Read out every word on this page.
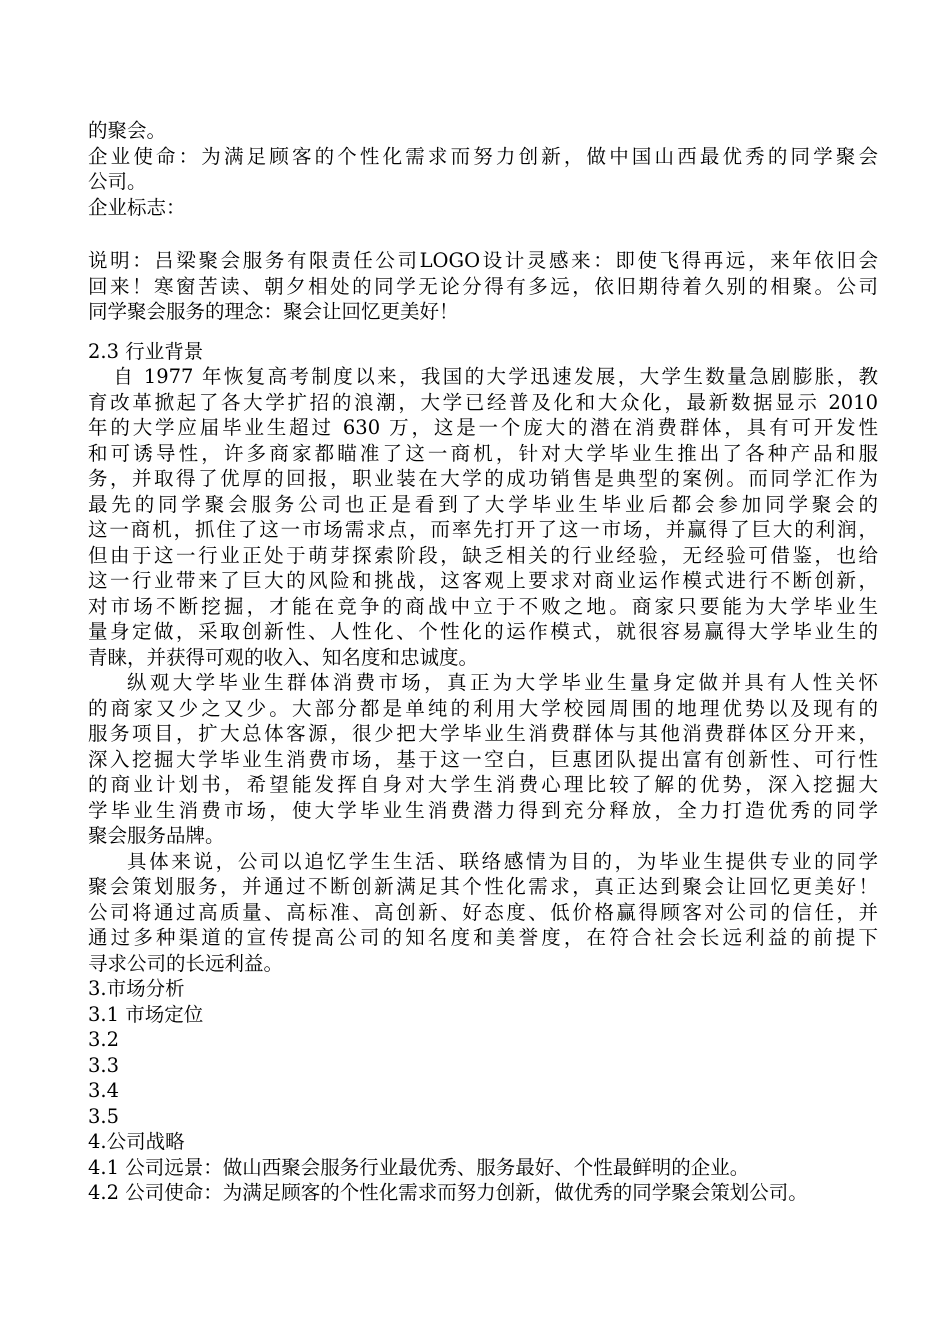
的聚会。

企业使命：为满足顾客的个性化需求而努力创新，做中国山西最优秀的同学聚会

公司。

企业标志：

说明：吕梁聚会服务有限责任公司LOGO设计灵感来：即使飞得再远，来年依旧会

回来！寒窗苦读、朝夕相处的同学无论分得有多远，依旧期待着久别的相聚。公司

同学聚会服务的理念：聚会让回忆更美好！

2.3 行业背景

自 1977 年恢复高考制度以来，我国的大学迅速发展，大学生数量急剧膨胀，教

育改革掀起了各大学扩招的浪潮，大学已经普及化和大众化，最新数据显示 2010

年的大学应届毕业生超过 630 万，这是一个庞大的潜在消费群体，具有可开发性

和可诱导性，许多商家都瞄准了这一商机，针对大学毕业生推出了各种产品和服

务，并取得了优厚的回报，职业装在大学的成功销售是典型的案例。而同学汇作为

最先的同学聚会服务公司也正是看到了大学毕业生毕业后都会参加同学聚会的

这一商机，抓住了这一市场需求点，而率先打开了这一市场，并赢得了巨大的利润，

但由于这一行业正处于萌芽探索阶段，缺乏相关的行业经验，无经验可借鉴，也给

这一行业带来了巨大的风险和挑战，这客观上要求对商业运作模式进行不断创新，

对市场不断挖掘，才能在竞争的商战中立于不败之地。商家只要能为大学毕业生

量身定做，采取创新性、人性化、个性化的运作模式，就很容易赢得大学毕业生的

青睐，并获得可观的收入、知名度和忠诚度。

纵观大学毕业生群体消费市场，真正为大学毕业生量身定做并具有人性关怀

的商家又少之又少。大部分都是单纯的利用大学校园周围的地理优势以及现有的

服务项目，扩大总体客源，很少把大学毕业生消费群体与其他消费群体区分开来，

深入挖掘大学毕业生消费市场，基于这一空白，巨惠团队提出富有创新性、可行性

的商业计划书，希望能发挥自身对大学生消费心理比较了解的优势，深入挖掘大

学毕业生消费市场，使大学毕业生消费潜力得到充分释放，全力打造优秀的同学

聚会服务品牌。

具体来说，公司以追忆学生生活、联络感情为目的，为毕业生提供专业的同学

聚会策划服务，并通过不断创新满足其个性化需求，真正达到聚会让回忆更美好！

公司将通过高质量、高标准、高创新、好态度、低价格赢得顾客对公司的信任，并

通过多种渠道的宣传提高公司的知名度和美誉度，在符合社会长远利益的前提下

寻求公司的长远利益。

3.市场分析

3.1 市场定位

3.2

3.3

3.4

3.5

4.公司战略

4.1 公司远景：做山西聚会服务行业最优秀、服务最好、个性最鲜明的企业。

4.2 公司使命：为满足顾客的个性化需求而努力创新，做优秀的同学聚会策划公司。
